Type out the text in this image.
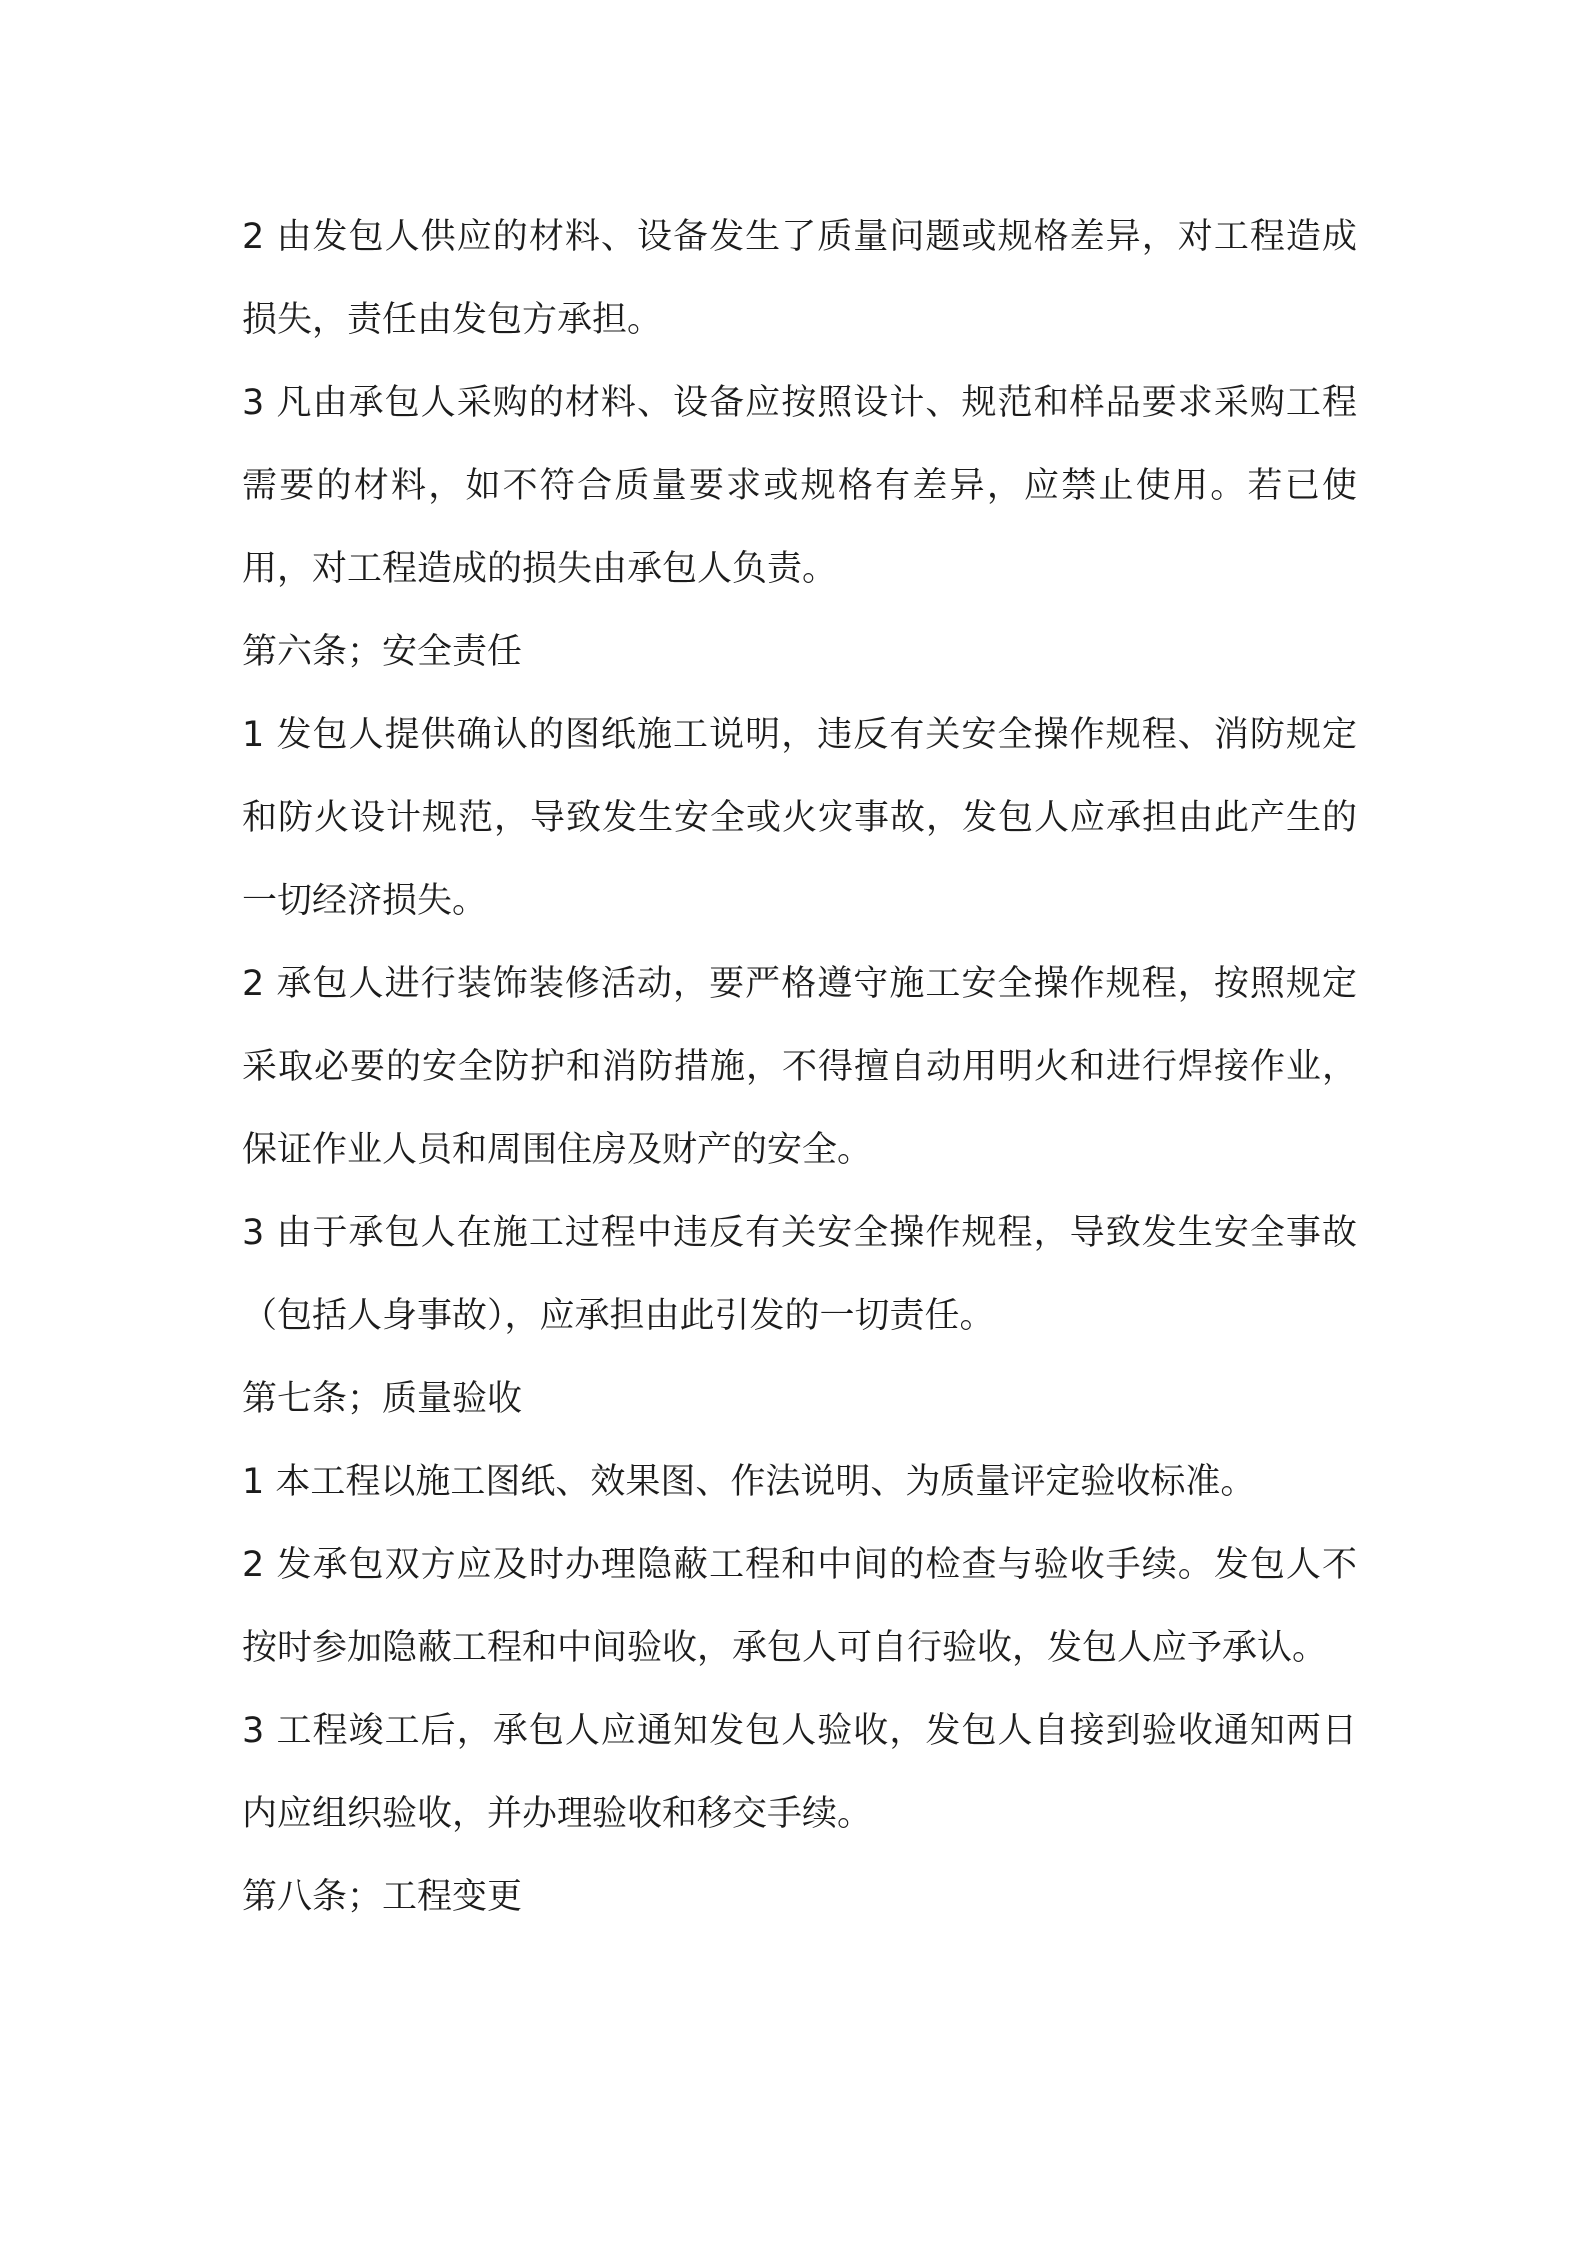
2 由发包人供应的材料、设备发生了质量问题或规格差异，对工程造成损失，责任由发包方承担。

3 凡由承包人采购的材料、设备应按照设计、规范和样品要求采购工程需要的材料，如不符合质量要求或规格有差异，应禁止使用。若已使用，对工程造成的损失由承包人负责。

第六条；安全责任

1 发包人提供确认的图纸施工说明，违反有关安全操作规程、消防规定和防火设计规范，导致发生安全或火灾事故，发包人应承担由此产生的一切经济损失。

2 承包人进行装饰装修活动，要严格遵守施工安全操作规程，按照规定采取必要的安全防护和消防措施，不得擅自动用明火和进行焊接作业，保证作业人员和周围住房及财产的安全。

3 由于承包人在施工过程中违反有关安全操作规程，导致发生安全事故（包括人身事故），应承担由此引发的一切责任。

第七条；质量验收

1 本工程以施工图纸、效果图、作法说明、为质量评定验收标准。

2 发承包双方应及时办理隐蔽工程和中间的检查与验收手续。发包人不按时参加隐蔽工程和中间验收，承包人可自行验收，发包人应予承认。

3 工程竣工后，承包人应通知发包人验收，发包人自接到验收通知两日内应组织验收，并办理验收和移交手续。

第八条；工程变更
